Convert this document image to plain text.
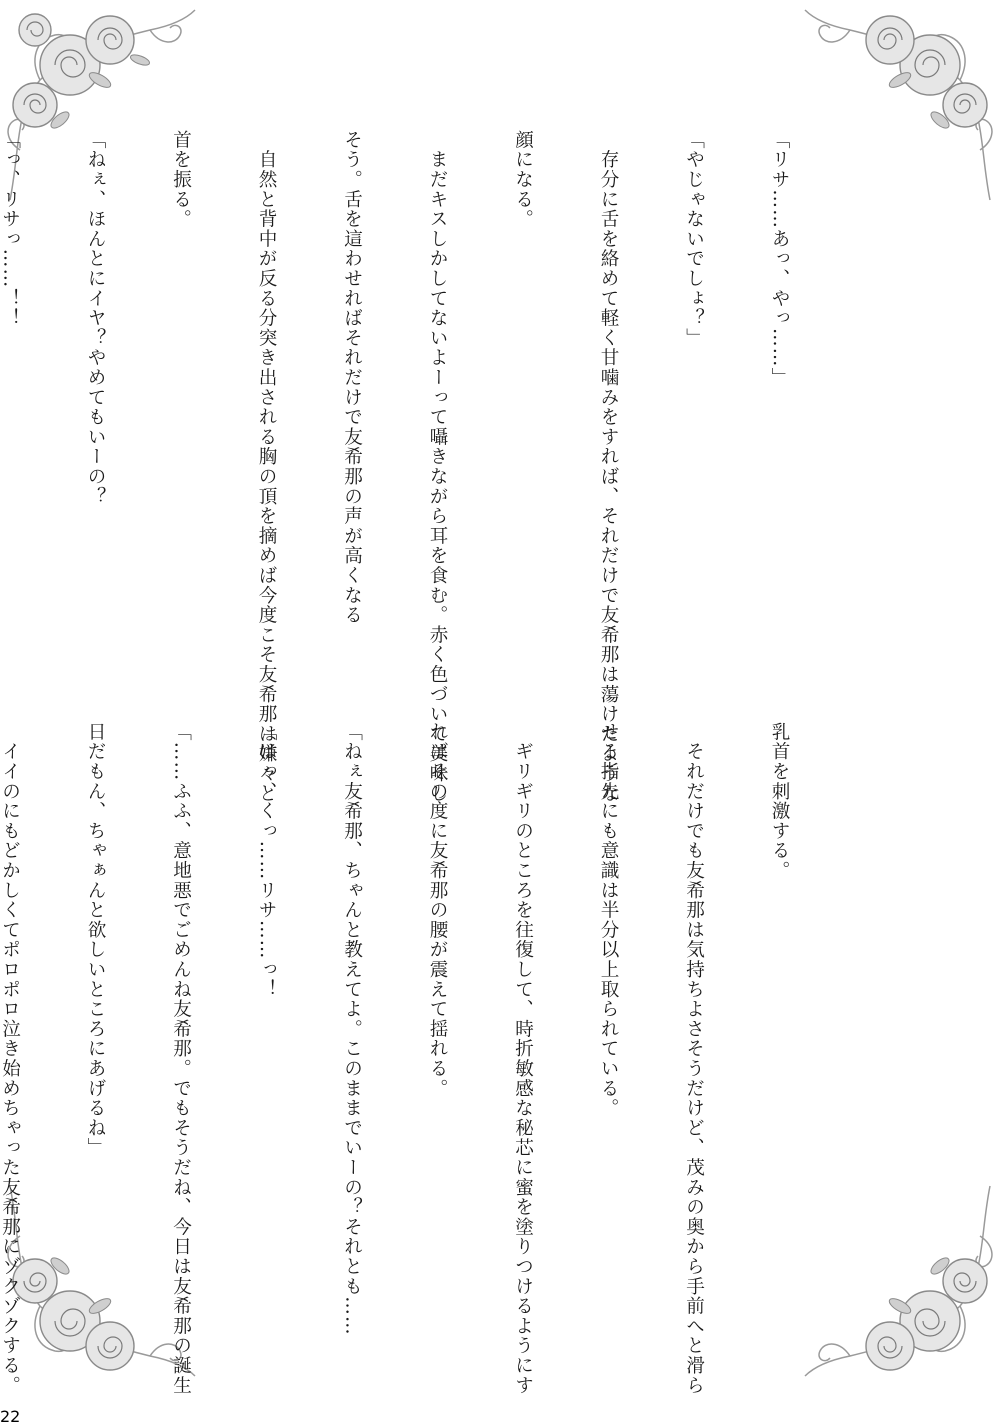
「リサ……あっ、やっ……」

「やじゃないでしょ？」

　存分に舌を絡めて軽く甘噛みをすれば、それだけで友希那は蕩けたような

顔になる。

　まだキスしかしてないよーって囁きながら耳を食む。赤く色づいて美味し

そう。舌を這わせればそれだけで友希那の声が高くなる

　自然と背中が反る分突き出される胸の頂を摘めば今度こそ友希那は嫌々と

首を振る。

「ねぇ、ほんとにイヤ？やめてもいーの？

「っ、リサっ……！！

乳首を刺激する。

　それだけでも友希那は気持ちよさそうだけど、茂みの奥から手前へと滑ら

せる指先にも意識は半分以上取られている。

　ギリギリのところを往復して、時折敏感な秘芯に蜜を塗りつけるようにす

ればその度に友希那の腰が震えて揺れる。

「ねぇ友希那、ちゃんと教えてよ。このままでいーの？それとも……

「はっ、くっ……リサ……っ！

「……ふふ、意地悪でごめんね友希那。でもそうだね、今日は友希那の誕生

日だもん、ちゃぁんと欲しいところにあげるね」

　イイのにもどかしくてポロポロ泣き始めちゃった友希那にゾクゾクする。

22
